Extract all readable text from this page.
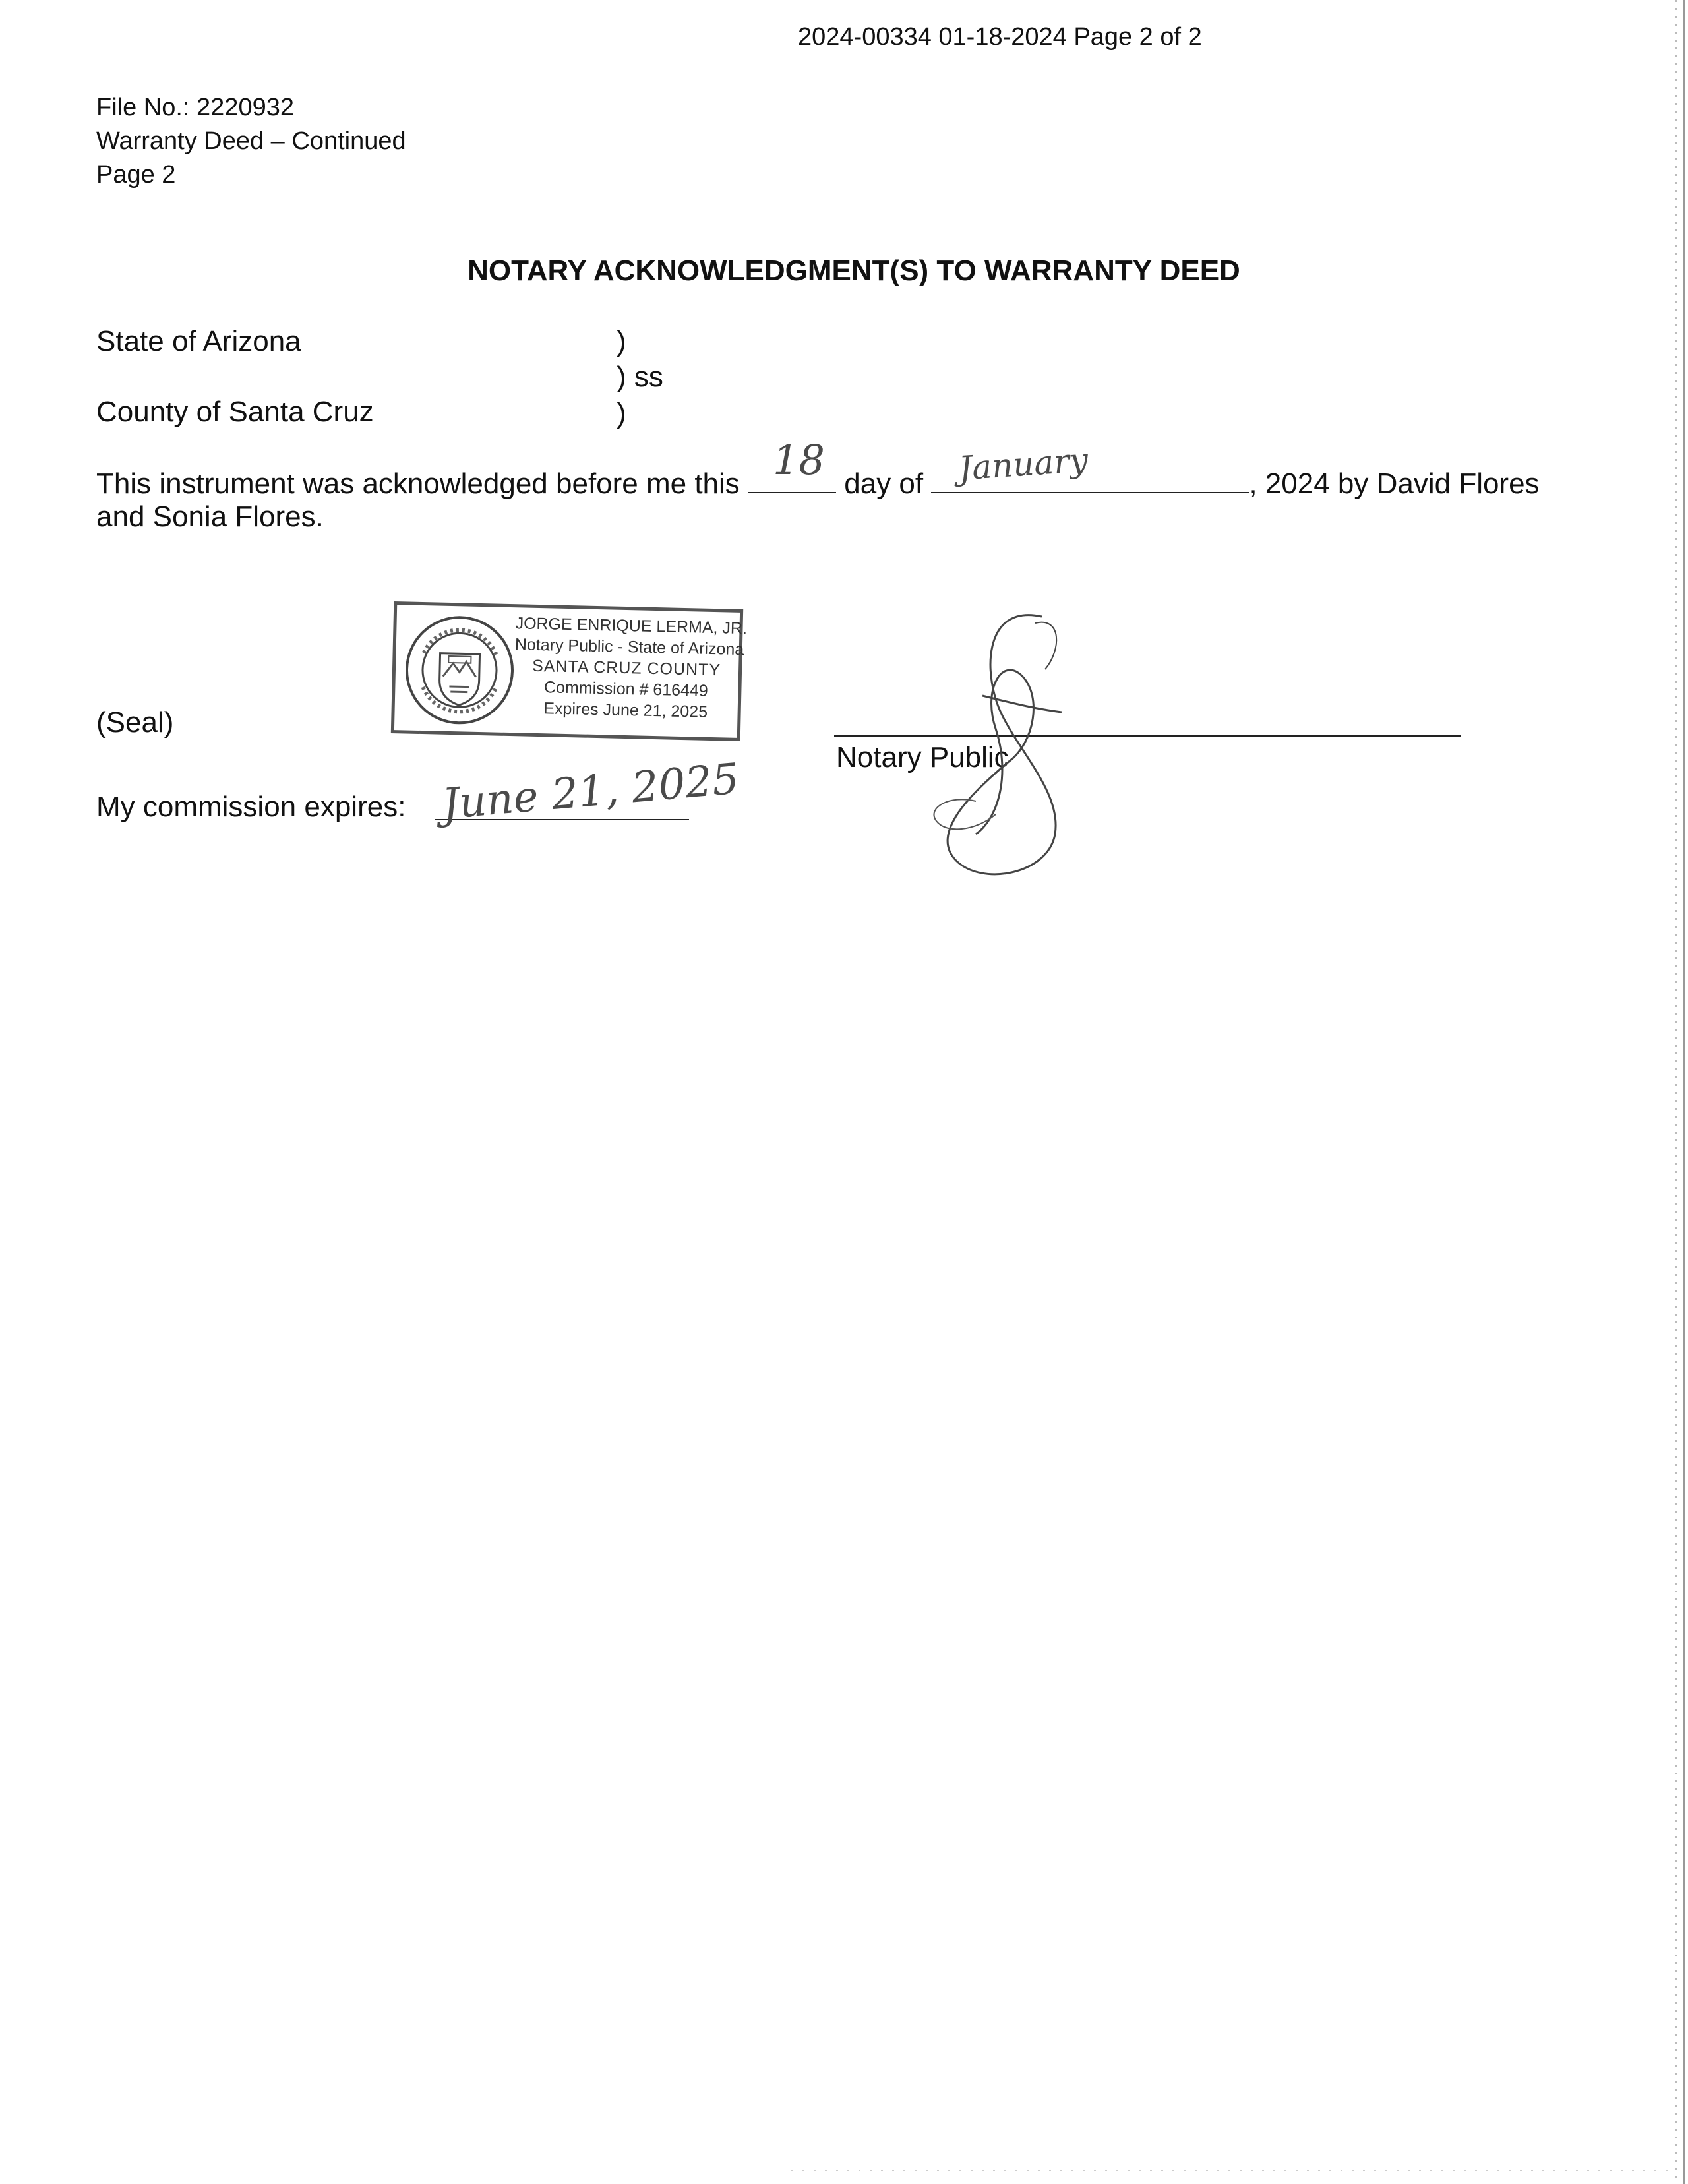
2024-00334 01-18-2024 Page 2 of 2
File No.: 2220932
Warranty Deed – Continued
Page 2
NOTARY ACKNOWLEDGMENT(S) TO WARRANTY DEED
State of Arizona	)
) ss
County of Santa Cruz	)
This instrument was acknowledged before me this 18 day of January	, 2024 by David Flores
and Sonia Flores.
(Seal)
JORGE ENRIQUE LERMA, JR.
Notary Public - State of Arizona
SANTA CRUZ COUNTY
Commission # 616449
Expires June 21, 2025
Notary Public
My commission expires: June 21, 2025
